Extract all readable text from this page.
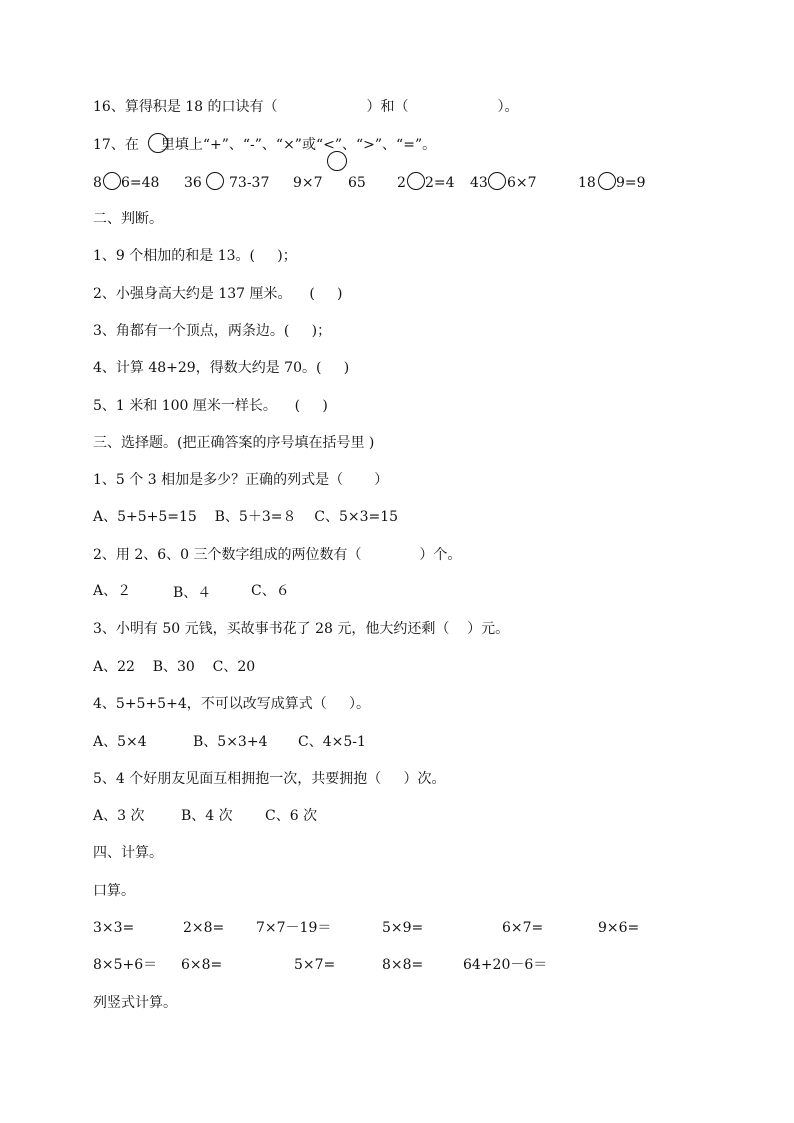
16、算得积是 18 的口诀有（                    ）和（                    ）。
17、在 里填上“+”、“-”、“×”或“<”、“>”、“=”。
8 6=48 36 73-37 9×7 65 2 2=4 43 6×7	18 9=9
二、判断。
1、9 个相加的和是 13。(     )；
2、小强身高大约是 137 厘米。    (     )
3、角都有一个顶点，两条边。(     )；
4、计算 48+29，得数大约是 70。(     )
5、1 米和 100 厘米一样长。    (     )
三、选择题。(把正确答案的序号填在括号里 )
1、5 个 3 相加是多少？正确的列式是（       ）
A、5+5+5=15    B、5＋3=８    C、5×3=15
2、用 2、6、0 三个数字组成的两位数有（             ）个。
A、２	B、４	C、６
3、小明有 50 元钱，买故事书花了 28 元，他大约还剩（    ）元。
A、22    B、30    C、20
4、5+5+5+4，不可以改写成算式（     ）。
A、5×4	B、5×3+4 C、4×5-1
5、4 个好朋友见面互相拥抱一次，共要拥抱（     ）次。
A、3 次	B、4 次 C、6 次
四、计算。
口算。
3×3=	2×8= 7×7－19＝	5×9=	6×7=	9×6=
8×5+6＝ 6×8=	5×7=	8×8=	64+20－6＝
列竖式计算。
